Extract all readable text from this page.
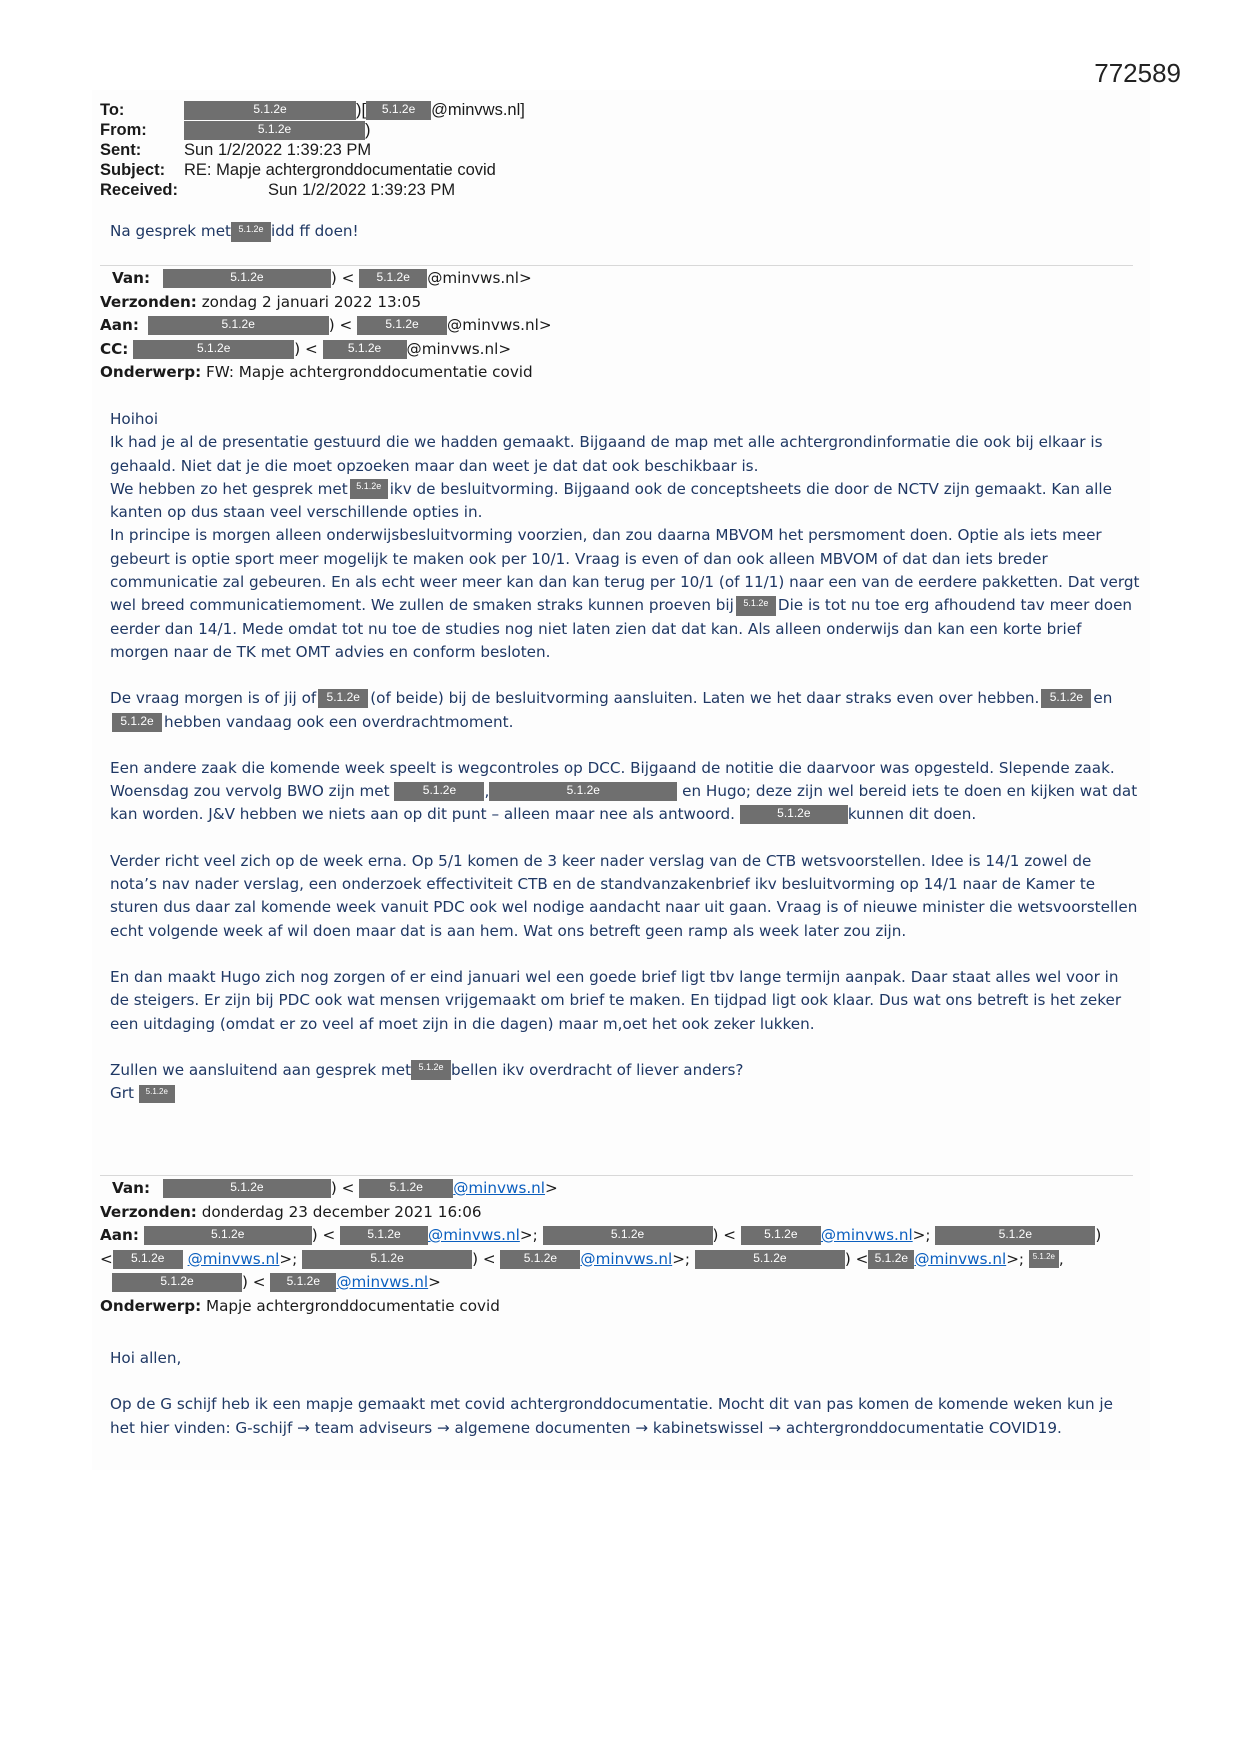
772589
To:	5.1.2e	)[ 5.1.2e @minvws.nl]
From:	5.1.2e	)
Sent:	Sun 1/2/2022 1:39:23 PM
Subject: RE: Mapje achtergronddocumentatie covid
Received:	Sun 1/2/2022 1:39:23 PM

Na gesprek met 5.1.2e idd ff doen!

Van:	5.1.2e	) < 5.1.2e @minvws.nl>
Verzonden: zondag 2 januari 2022 13:05
Aan:	5.1.2e	) <	5.1.2e @minvws.nl>
CC:	5.1.2e	) <	5.1.2e @minvws.nl>
Onderwerp: FW: Mapje achtergronddocumentatie covid

Hoihoi

Ik had je al de presentatie gestuurd die we hadden gemaakt. Bijgaand de map met alle achtergrondinformatie die ook bij elkaar is gehaald. Niet dat je die moet opzoeken maar dan weet je dat dat ook beschikbaar is.

We hebben zo het gesprek met 5.1.2e ikv de besluitvorming. Bijgaand ook de conceptsheets die door de NCTV zijn gemaakt. Kan alle kanten op dus staan veel verschillende opties in.

In principe is morgen alleen onderwijsbesluitvorming voorzien, dan zou daarna MBVOM het persmoment doen. Optie als iets meer gebeurt is optie sport meer mogelijk te maken ook per 10/1. Vraag is even of dan ook alleen MBVOM of dat dan iets breder communicatie zal gebeuren. En als echt weer meer kan dan kan terug per 10/1 (of 11/1) naar een van de eerdere pakketten. Dat vergt wel breed communicatiemoment. We zullen de smaken straks kunnen proeven bij 5.1.2e Die is tot nu toe erg afhoudend tav meer doen eerder dan 14/1. Mede omdat tot nu toe de studies nog niet laten zien dat dat kan. Als alleen onderwijs dan kan een korte brief morgen naar de TK met OMT advies en conform besloten.

De vraag morgen is of jij of 5.1.2e (of beide) bij de besluitvorming aansluiten. Laten we het daar straks even over hebben. 5.1.2e en 5.1.2e hebben vandaag ook een overdrachtmoment.

Een andere zaak die komende week speelt is wegcontroles op DCC. Bijgaand de notitie die daarvoor was opgesteld. Slepende zaak. Woensdag zou vervolg BWO zijn met	5.1.2e ,	5.1.2e	en Hugo; deze zijn wel bereid iets te doen en kijken wat dat kan worden. J&V hebben we niets aan op dit punt – alleen maar nee als antwoord.	5.1.2e kunnen dit doen.

Verder richt veel zich op de week erna. Op 5/1 komen de 3 keer nader verslag van de CTB wetsvoorstellen. Idee is 14/1 zowel de nota’s nav nader verslag, een onderzoek effectiviteit CTB en de standvanzakenbrief ikv besluitvorming op 14/1 naar de Kamer te sturen dus daar zal komende week vanuit PDC ook wel nodige aandacht naar uit gaan. Vraag is of nieuwe minister die wetsvoorstellen echt volgende week af wil doen maar dat is aan hem. Wat ons betreft geen ramp als week later zou zijn.

En dan maakt Hugo zich nog zorgen of er eind januari wel een goede brief ligt tbv lange termijn aanpak. Daar staat alles wel voor in de steigers. Er zijn bij PDC ook wat mensen vrijgemaakt om brief te maken. En tijdpad ligt ook klaar. Dus wat ons betreft is het zeker een uitdaging (omdat er zo veel af moet zijn in die dagen) maar m,oet het ook zeker lukken.

Zullen we aansluitend aan gesprek met 5.1.2e bellen ikv overdracht of liever anders?

Grt 5.1.2e

Van:	5.1.2e	) <	5.1.2e @minvws.nl>
Verzonden: donderdag 23 december 2021 16:06
Aan:	5.1.2e	) <	5.1.2e @minvws.nl>;	5.1.2e	) < 5.1.2e @minvws.nl>;	5.1.2e	)
< 5.1.2e @minvws.nl>;	5.1.2e	) < 5.1.2e @minvws.nl>;	5.1.2e	) < 5.1.2e @minvws.nl>; 5.1.2e ,
5.1.2e	) < 5.1.2e @minvws.nl>
Onderwerp: Mapje achtergronddocumentatie covid

Hoi allen,

Op de G schijf heb ik een mapje gemaakt met covid achtergronddocumentatie. Mocht dit van pas komen de komende weken kun je het hier vinden: G-schijf → team adviseurs → algemene documenten → kabinetswissel → achtergronddocumentatie COVID19.
